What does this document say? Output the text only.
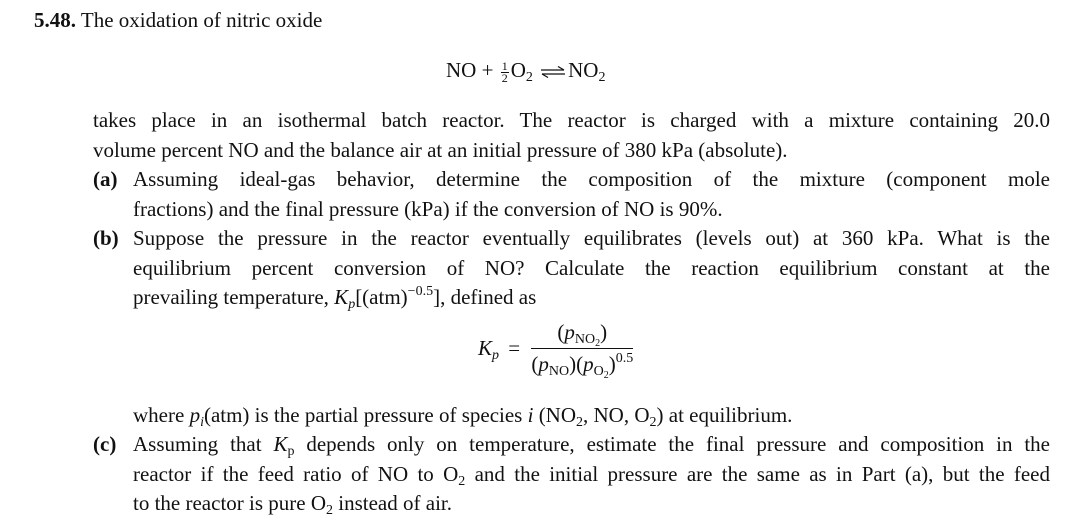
5.48. The oxidation of nitric oxide
NO + $\frac{1}{2} O_2$ ⇌ $NO_2$
takes place in an isothermal batch reactor. The reactor is charged with a mixture containing 20.0
volume percent NO and the balance air at an initial pressure of 380 kPa (absolute).
(a) Assuming ideal-gas behavior, determine the composition of the mixture (component mole
fractions) and the final pressure (kPa) if the conversion of NO is 90%.
(b) Suppose the pressure in the reactor eventually equilibrates (levels out) at 360 kPa. What is the
equilibrium percent conversion of NO? Calculate the reaction equilibrium constant at the
prevailing temperature, $K_p[(atm)^{-0.5}]$, defined as
$K_p$ =
$(p_{NO_2})$
$(p_{NO})(p_{O_2})^{0.5}$
where $p_i(atm)$ is the partial pressure of species i ($NO_2$, NO, $O_2$) at equilibrium.
(c) Assuming that $K_p$ depends only on temperature, estimate the final pressure and composition in the
reactor if the feed ratio of NO to $O_2$ and the initial pressure are the same as in Part (a), but the feed
to the reactor is pure $O_2$ instead of air.
